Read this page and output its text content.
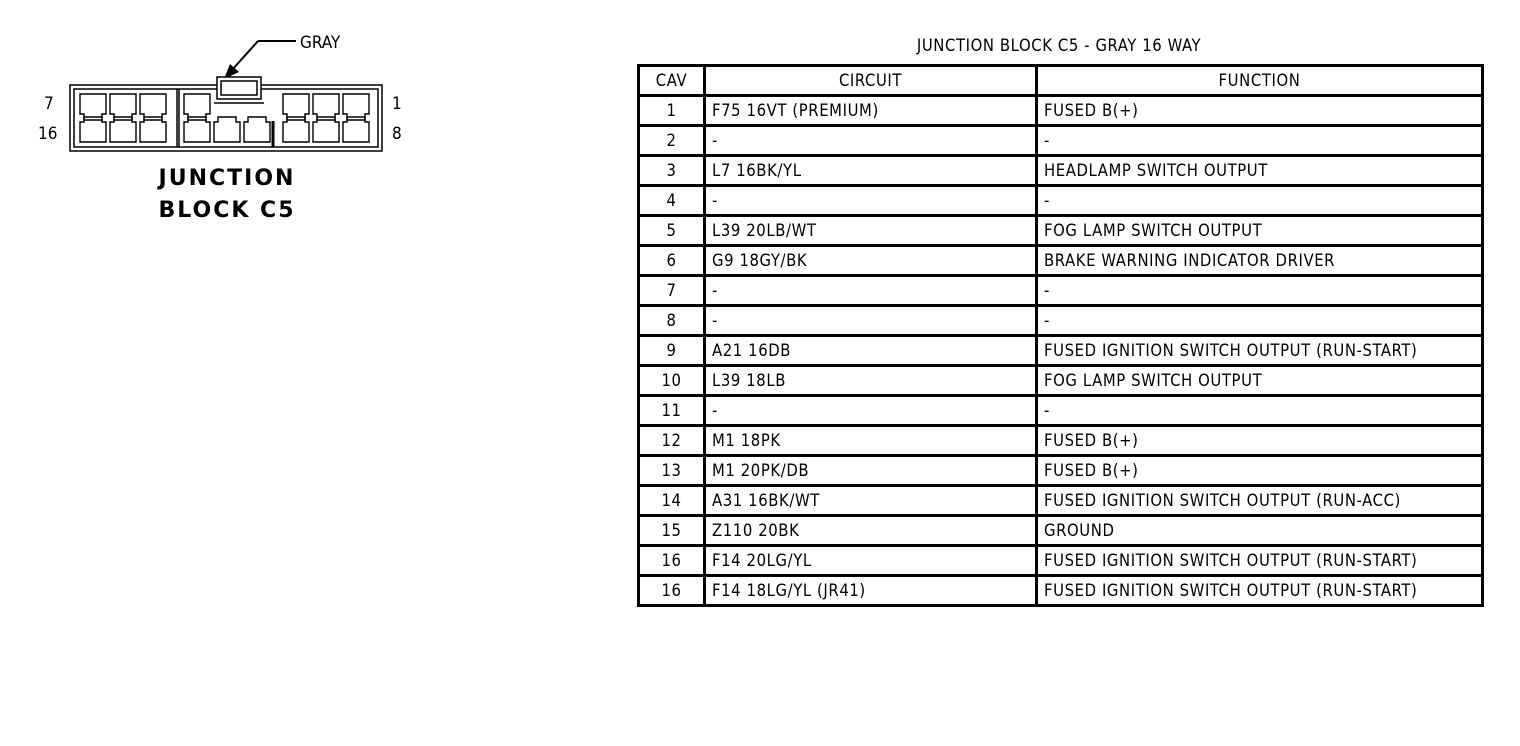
GRAY
7
16
1
8
JUNCTION
BLOCK C5
JUNCTION BLOCK C5 - GRAY 16 WAY
CAV	CIRCUIT	FUNCTION
1	F75 16VT (PREMIUM)	FUSED B(+)
2	-	-
3	L7 16BK/YL	HEADLAMP SWITCH OUTPUT
4	-	-
5	L39 20LB/WT	FOG LAMP SWITCH OUTPUT
6	G9 18GY/BK	BRAKE WARNING INDICATOR DRIVER
7	-	-
8	-	-
9	A21 16DB	FUSED IGNITION SWITCH OUTPUT (RUN-START)
10	L39 18LB	FOG LAMP SWITCH OUTPUT
11	-	-
12	M1 18PK	FUSED B(+)
13	M1 20PK/DB	FUSED B(+)
14	A31 16BK/WT	FUSED IGNITION SWITCH OUTPUT (RUN-ACC)
15	Z110 20BK	GROUND
16	F14 20LG/YL	FUSED IGNITION SWITCH OUTPUT (RUN-START)
16	F14 18LG/YL (JR41)	FUSED IGNITION SWITCH OUTPUT (RUN-START)
